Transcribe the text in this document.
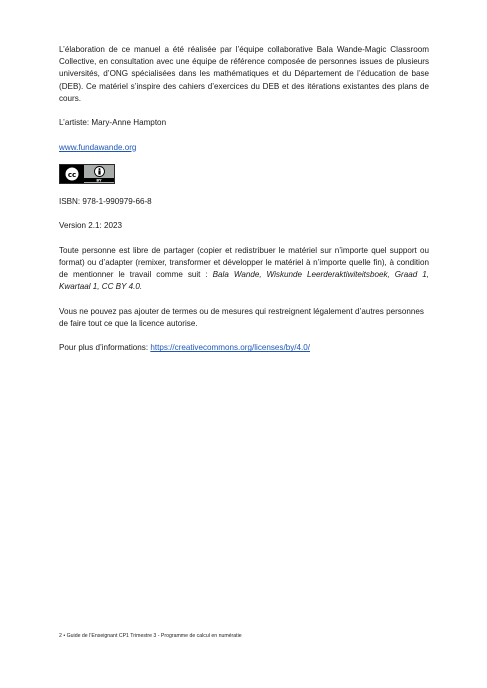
L’élaboration de ce manuel a été réalisée par l’équipe collaborative Bala Wande-Magic Classroom Collective, en consultation avec une équipe de référence composée de personnes issues de plusieurs universités, d’ONG spécialisées dans les mathématiques et du Département de l’éducation de base (DEB). Ce matériel s’inspire des cahiers d’exercices du DEB et des itérations existantes des plans de cours.

L’artiste: Mary-Anne Hampton

www.fundawande.org

cc
BY

ISBN: 978-1-990979-66-8

Version 2.1: 2023

Toute personne est libre de partager (copier et redistribuer le matériel sur n’importe quel support ou format) ou d’adapter (remixer, transformer et développer le matériel à n’importe quelle fin), à condition de mentionner le travail comme suit : Bala Wande, Wiskunde Leerderaktiwiteitsboek, Graad 1, Kwartaal 1, CC BY 4.0.

Vous ne pouvez pas ajouter de termes ou de mesures qui restreignent légalement d’autres personnes de faire tout ce que la licence autorise.

Pour plus d’informations: https://creativecommons.org/licenses/by/4.0/

2 • Guide de l’Enseignant CP1 Trimestre 3 - Programme de calcul en numératie
